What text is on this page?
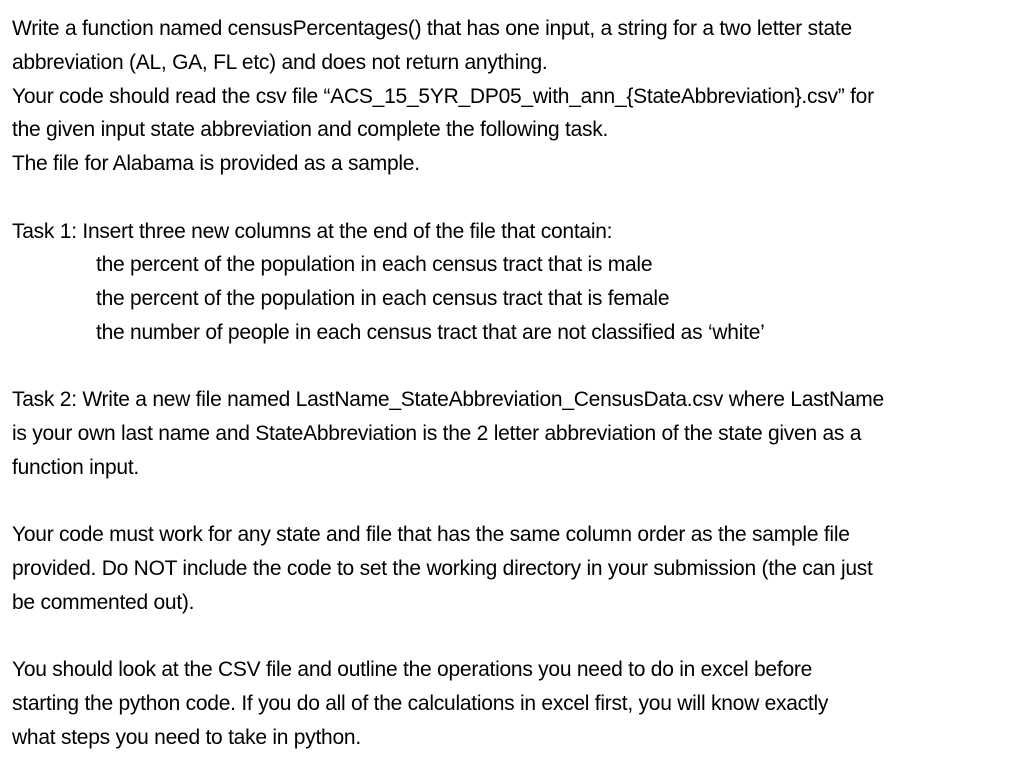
Write a function named censusPercentages() that has one input, a string for a two letter state
abbreviation (AL, GA, FL etc) and does not return anything.
Your code should read the csv file “ACS_15_5YR_DP05_with_ann_{StateAbbreviation}.csv” for
the given input state abbreviation and complete the following task.
The file for Alabama is provided as a sample.
Task 1: Insert three new columns at the end of the file that contain:
the percent of the population in each census tract that is male
the percent of the population in each census tract that is female
the number of people in each census tract that are not classified as ‘white’
Task 2: Write a new file named LastName_StateAbbreviation_CensusData.csv where LastName
is your own last name and StateAbbreviation is the 2 letter abbreviation of the state given as a
function input.
Your code must work for any state and file that has the same column order as the sample file
provided. Do NOT include the code to set the working directory in your submission (the can just
be commented out).
You should look at the CSV file and outline the operations you need to do in excel before
starting the python code. If you do all of the calculations in excel first, you will know exactly
what steps you need to take in python.
